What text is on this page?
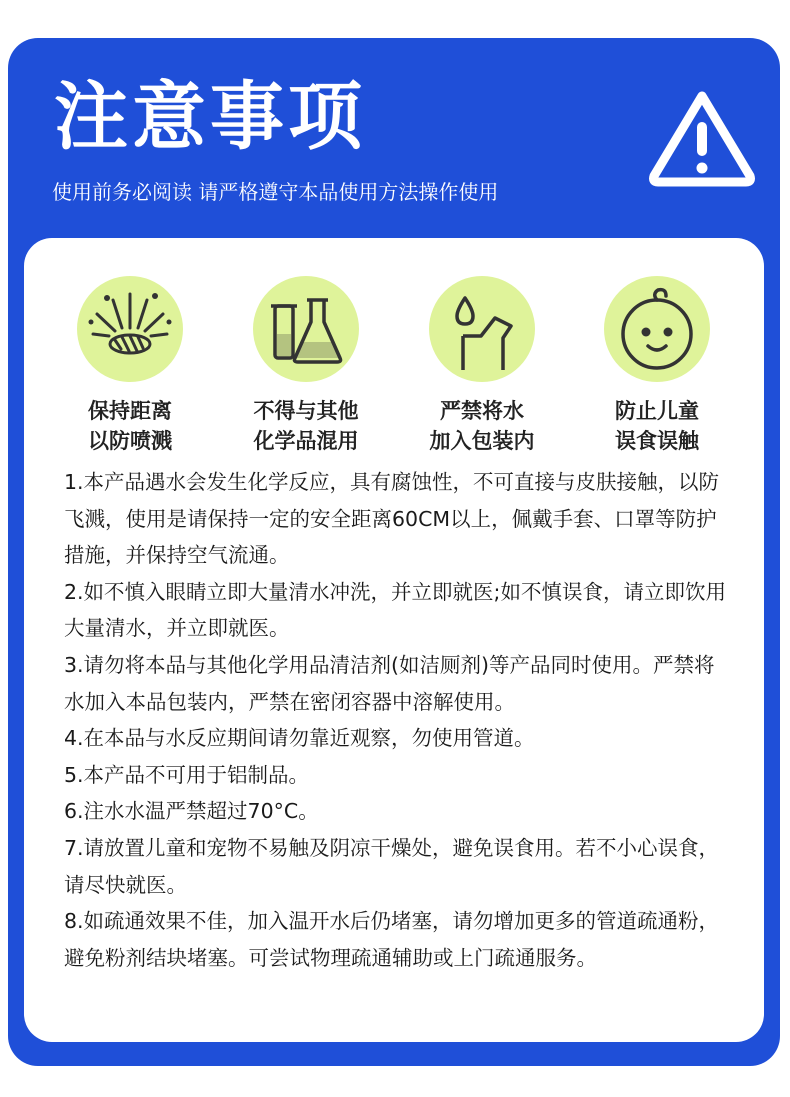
注意事项

使用前务必阅读 请严格遵守本品使用方法操作使用

保持距离
以防喷溅
不得与其他
化学品混用
严禁将水
加入包装内
防止儿童
误食误触

1.本产品遇水会发生化学反应，具有腐蚀性，不可直接与皮肤接触，以防飞溅，使用是请保持一定的安全距离60CM以上，佩戴手套、口罩等防护措施，并保持空气流通。

2.如不慎入眼睛立即大量清水冲洗，并立即就医;如不慎误食，请立即饮用大量清水，并立即就医。

3.请勿将本品与其他化学用品清洁剂(如洁厕剂)等产品同时使用。严禁将水加入本品包装内，严禁在密闭容器中溶解使用。

4.在本品与水反应期间请勿靠近观察，勿使用管道。

5.本产品不可用于铝制品。

6.注水水温严禁超过70°C。

7.请放置儿童和宠物不易触及阴凉干燥处，避免误食用。若不小心误食，请尽快就医。

8.如疏通效果不佳，加入温开水后仍堵塞，请勿增加更多的管道疏通粉，避免粉剂结块堵塞。可尝试物理疏通辅助或上门疏通服务。
